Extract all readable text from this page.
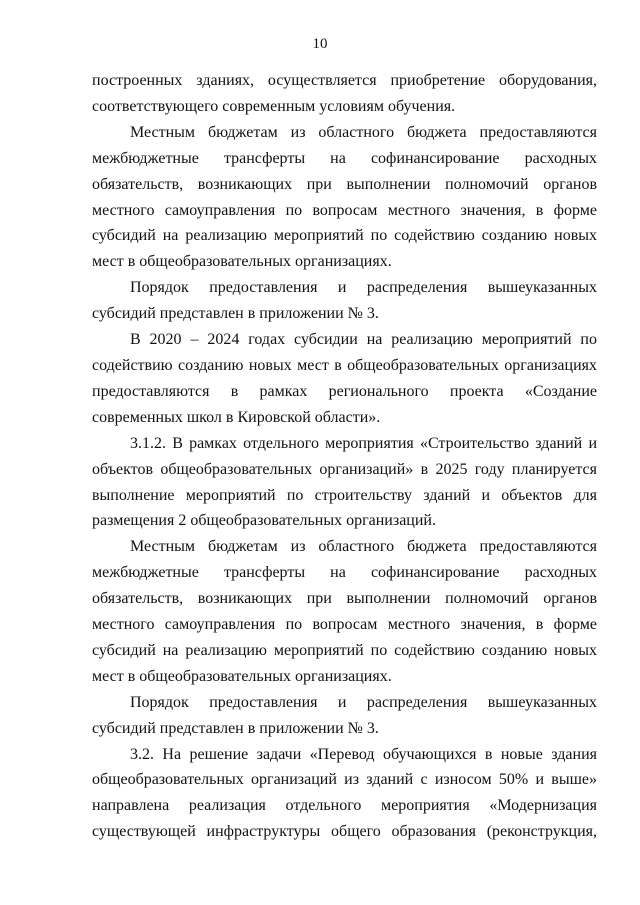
10

построенных зданиях, осуществляется приобретение оборудования, соответствующего современным условиям обучения.

Местным бюджетам из областного бюджета предоставляются межбюджетные трансферты на софинансирование расходных обязательств, возникающих при выполнении полномочий органов местного самоуправления по вопросам местного значения, в форме субсидий на реализацию мероприятий по содействию созданию новых мест в общеобразовательных организациях.

Порядок предоставления и распределения вышеуказанных субсидий представлен в приложении № 3.

В 2020 – 2024 годах субсидии на реализацию мероприятий по содействию созданию новых мест в общеобразовательных организациях предоставляются в рамках регионального проекта «Создание современных школ в Кировской области».

3.1.2. В рамках отдельного мероприятия «Строительство зданий и объектов общеобразовательных организаций» в 2025 году планируется выполнение мероприятий по строительству зданий и объектов для размещения 2 общеобразовательных организаций.

Местным бюджетам из областного бюджета предоставляются межбюджетные трансферты на софинансирование расходных обязательств, возникающих при выполнении полномочий органов местного самоуправления по вопросам местного значения, в форме субсидий на реализацию мероприятий по содействию созданию новых мест в общеобразовательных организациях.

Порядок предоставления и распределения вышеуказанных субсидий представлен в приложении № 3.

3.2. На решение задачи «Перевод обучающихся в новые здания общеобразовательных организаций из зданий с износом 50% и выше» направлена реализация отдельного мероприятия «Модернизация существующей инфраструктуры общего образования (реконструкция,
